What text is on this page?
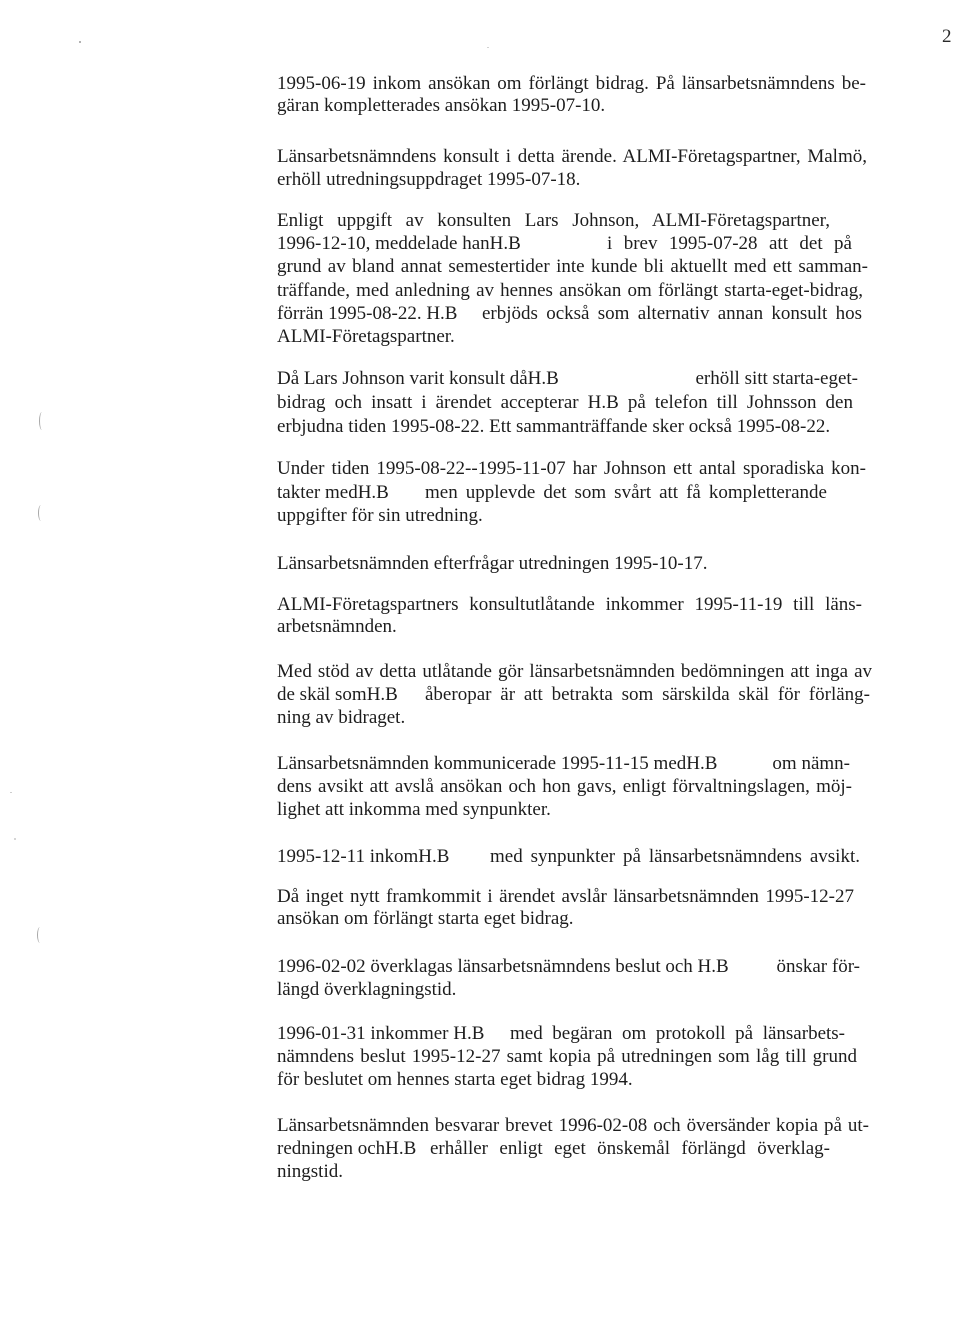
2
1995-06-19 inkom ansökan om förlängt bidrag. På länsarbetsnämndens be-
gäran kompletterades ansökan 1995-07-10.
Länsarbetsnämndens konsult i detta ärende. ALMI-Företagspartner, Malmö,
erhöll utredningsuppdraget 1995-07-18.
Enligt uppgift av konsulten Lars Johnson, ALMI-Företagspartner,
1996-12-10, meddelade hanH.B	i brev 1995-07-28 att det på
grund av bland annat semestertider inte kunde bli aktuellt med ett samman-
träffande, med anledning av hennes ansökan om förlängt starta-eget-bidrag,
förrän 1995-08-22. H.B erbjöds också som alternativ annan konsult hos
ALMI-Företagspartner.
Då Lars Johnson varit konsult dåH.B	erhöll sitt starta-eget-
bidrag och insatt i ärendet accepterar H.B på telefon till Johnsson den
erbjudna tiden 1995-08-22. Ett sammanträffande sker också 1995-08-22.
Under tiden 1995-08-22--1995-11-07 har Johnson ett antal sporadiska kon-
takter medH.B men upplevde det som svårt att få kompletterande
uppgifter för sin utredning.
Länsarbetsnämnden efterfrågar utredningen 1995-10-17.
ALMI-Företagspartners konsultutlåtande inkommer 1995-11-19 till läns-
arbetsnämnden.
Med stöd av detta utlåtande gör länsarbetsnämnden bedömningen att inga av
de skäl somH.B åberopar är att betrakta som särskilda skäl för förläng-
ning av bidraget.
Länsarbetsnämnden kommunicerade 1995-11-15 medH.B	om nämn-
dens avsikt att avslå ansökan och hon gavs, enligt förvaltningslagen, möj-
lighet att inkomma med synpunkter.
1995-12-11 inkomH.B med synpunkter på länsarbetsnämndens avsikt.
Då inget nytt framkommit i ärendet avslår länsarbetsnämnden 1995-12-27
ansökan om förlängt starta eget bidrag.
1996-02-02 överklagas länsarbetsnämndens beslut och H.B	önskar för-
längd överklagningstid.
1996-01-31 inkommer H.B med begäran om protokoll på länsarbets-
nämndens beslut 1995-12-27 samt kopia på utredningen som låg till grund
för beslutet om hennes starta eget bidrag 1994.
Länsarbetsnämnden besvarar brevet 1996-02-08 och översänder kopia på ut-
redningen ochH.B erhåller enligt eget önskemål förlängd överklag-
ningstid.
